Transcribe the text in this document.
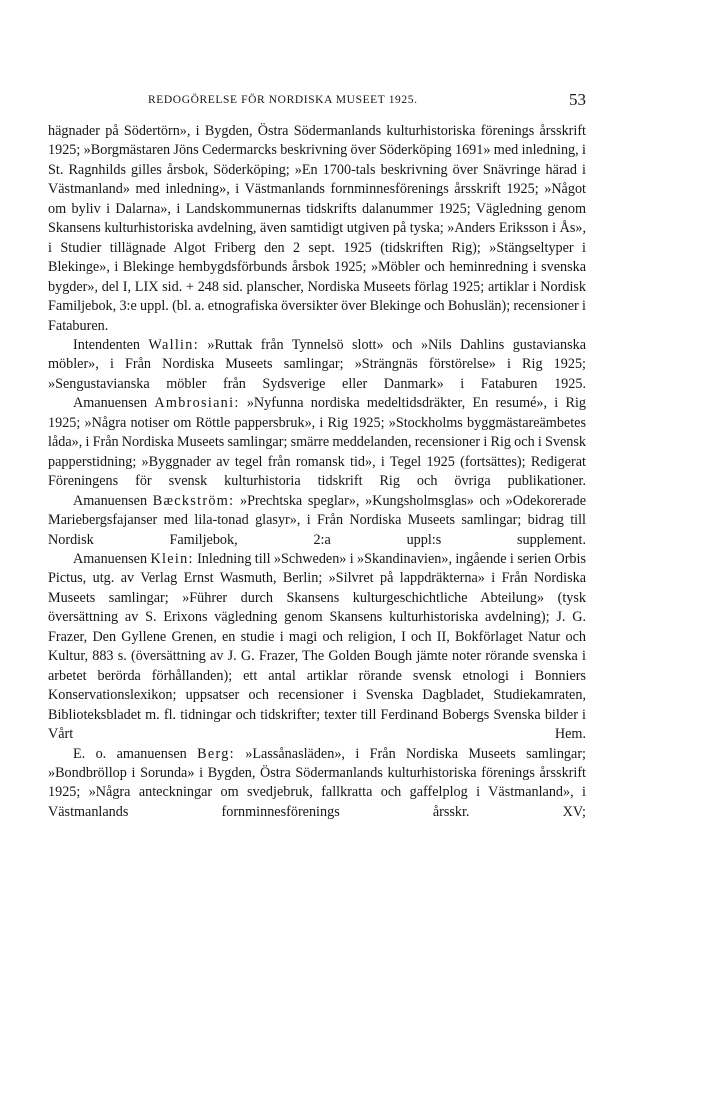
REDOGÖRELSE FÖR NORDISKA MUSEET 1925.	53

hägnader på Södertörn», i Bygden, Östra Södermanlands kulturhistoriska förenings årsskrift 1925; »Borgmästaren Jöns Cedermarcks beskrivning över Söderköping 1691» med inledning, i St. Ragnhilds gilles årsbok, Söderköping; »En 1700-tals beskrivning över Snävringe härad i Västmanland» med inledning», i Västmanlands fornminnesförenings årsskrift 1925; »Något om byliv i Dalarna», i Landskommunernas tidskrifts dalanummer 1925; Vägledning genom Skansens kulturhistoriska avdelning, även samtidigt utgiven på tyska; »Anders Eriksson i Ås», i Studier tillägnade Algot Friberg den 2 sept. 1925 (tidskriften Rig); »Stängseltyper i Blekinge», i Blekinge hembygdsförbunds årsbok 1925; »Möbler och heminredning i svenska bygder», del I, LIX sid. + 248 sid. planscher, Nordiska Museets förlag 1925; artiklar i Nordisk Familjebok, 3:e uppl. (bl. a. etnografiska översikter över Blekinge och Bohuslän); recensioner i Fataburen.

Intendenten Wallin: »Ruttak från Tynnelsö slott» och »Nils Dahlins gustavianska möbler», i Från Nordiska Museets samlingar; »Strängnäs förstörelse» i Rig 1925; »Sengustavianska möbler från Sydsverige eller Danmark» i Fataburen 1925.

Amanuensen Ambrosiani: »Nyfunna nordiska medeltidsdräkter, En resumé», i Rig 1925; »Några notiser om Röttle pappersbruk», i Rig 1925; »Stockholms byggmästareämbetes låda», i Från Nordiska Museets samlingar; smärre meddelanden, recensioner i Rig och i Svensk papperstidning; »Byggnader av tegel från romansk tid», i Tegel 1925 (fortsättes); Redigerat Föreningens för svensk kulturhistoria tidskrift Rig och övriga publikationer.

Amanuensen Bæckström: »Prechtska speglar», »Kungsholmsglas» och »Odekorerade Mariebergsfajanser med lila-tonad glasyr», i Från Nordiska Museets samlingar; bidrag till Nordisk Familjebok, 2:a uppl:s supplement.

Amanuensen Klein: Inledning till »Schweden» i »Skandinavien», ingående i serien Orbis Pictus, utg. av Verlag Ernst Wasmuth, Berlin; »Silvret på lappdräkterna» i Från Nordiska Museets samlingar; »Führer durch Skansens kulturgeschichtliche Abteilung» (tysk översättning av S. Erixons vägledning genom Skansens kulturhistoriska avdelning); J. G. Frazer, Den Gyllene Grenen, en studie i magi och religion, I och II, Bokförlaget Natur och Kultur, 883 s. (översättning av J. G. Frazer, The Golden Bough jämte noter rörande svenska i arbetet berörda förhållanden); ett antal artiklar rörande svensk etnologi i Bonniers Konservationslexikon; uppsatser och recensioner i Svenska Dagbladet, Studiekamraten, Biblioteksbladet m. fl. tidningar och tidskrifter; texter till Ferdinand Bobergs Svenska bilder i Vårt Hem.

E. o. amanuensen Berg: »Lassånasläden», i Från Nordiska Museets samlingar; »Bondbröllop i Sorunda» i Bygden, Östra Södermanlands kulturhistoriska förenings årsskrift 1925; »Några anteckningar om svedjebruk, fallkratta och gaffelplog i Västmanland», i Västmanlands fornminnesförenings årsskr. XV;
